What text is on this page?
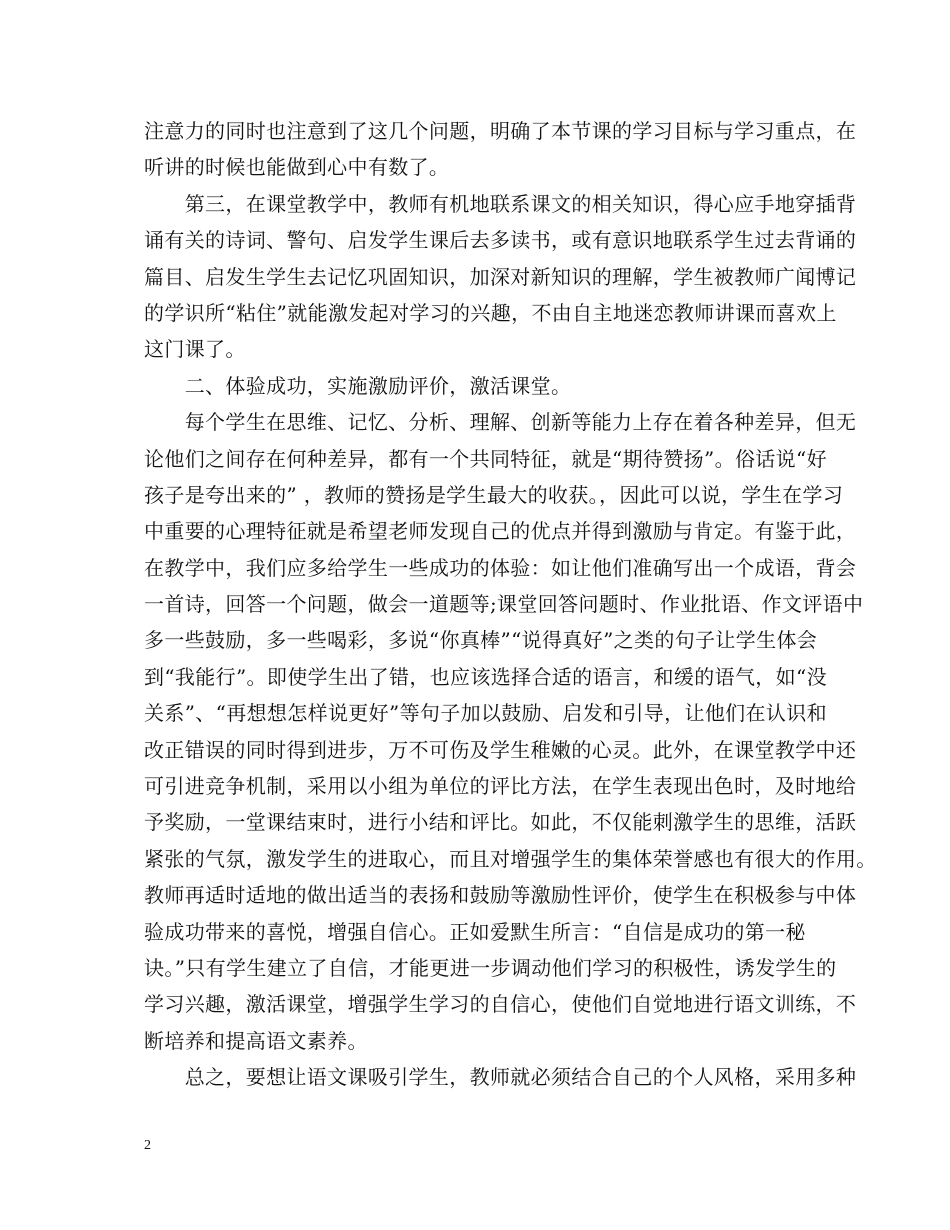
注意力的同时也注意到了这几个问题，明确了本节课的学习目标与学习重点，在
听讲的时候也能做到心中有数了。
　　第三，在课堂教学中，教师有机地联系课文的相关知识，得心应手地穿插背
诵有关的诗词、警句、启发学生课后去多读书，或有意识地联系学生过去背诵的
篇目、启发生学生去记忆巩固知识，加深对新知识的理解，学生被教师广闻博记
的学识所“粘住”就能激发起对学习的兴趣，不由自主地迷恋教师讲课而喜欢上
这门课了。
　　二、体验成功，实施激励评价，激活课堂。
　　每个学生在思维、记忆、分析、理解、创新等能力上存在着各种差异，但无
论他们之间存在何种差异，都有一个共同特征，就是“期待赞扬”。俗话说“好
孩子是夸出来的” ，教师的赞扬是学生最大的收获。，因此可以说，学生在学习
中重要的心理特征就是希望老师发现自己的优点并得到激励与肯定。有鉴于此，
在教学中，我们应多给学生一些成功的体验：如让他们准确写出一个成语，背会
一首诗，回答一个问题，做会一道题等;课堂回答问题时、作业批语、作文评语中
多一些鼓励，多一些喝彩，多说“你真棒”“说得真好”之类的句子让学生体会
到“我能行”。即使学生出了错，也应该选择合适的语言，和缓的语气，如“没
关系”、“再想想怎样说更好”等句子加以鼓励、启发和引导，让他们在认识和
改正错误的同时得到进步，万不可伤及学生稚嫩的心灵。此外，在课堂教学中还
可引进竞争机制，采用以小组为单位的评比方法，在学生表现出色时，及时地给
予奖励，一堂课结束时，进行小结和评比。如此，不仅能刺激学生的思维，活跃
紧张的气氛，激发学生的进取心，而且对增强学生的集体荣誉感也有很大的作用。
教师再适时适地的做出适当的表扬和鼓励等激励性评价，使学生在积极参与中体
验成功带来的喜悦，增强自信心。正如爱默生所言：“自信是成功的第一秘
诀。”只有学生建立了自信，才能更进一步调动他们学习的积极性，诱发学生的
学习兴趣，激活课堂，增强学生学习的自信心，使他们自觉地进行语文训练，不
断培养和提高语文素养。
　　总之，要想让语文课吸引学生，教师就必须结合自己的个人风格，采用多种
2
